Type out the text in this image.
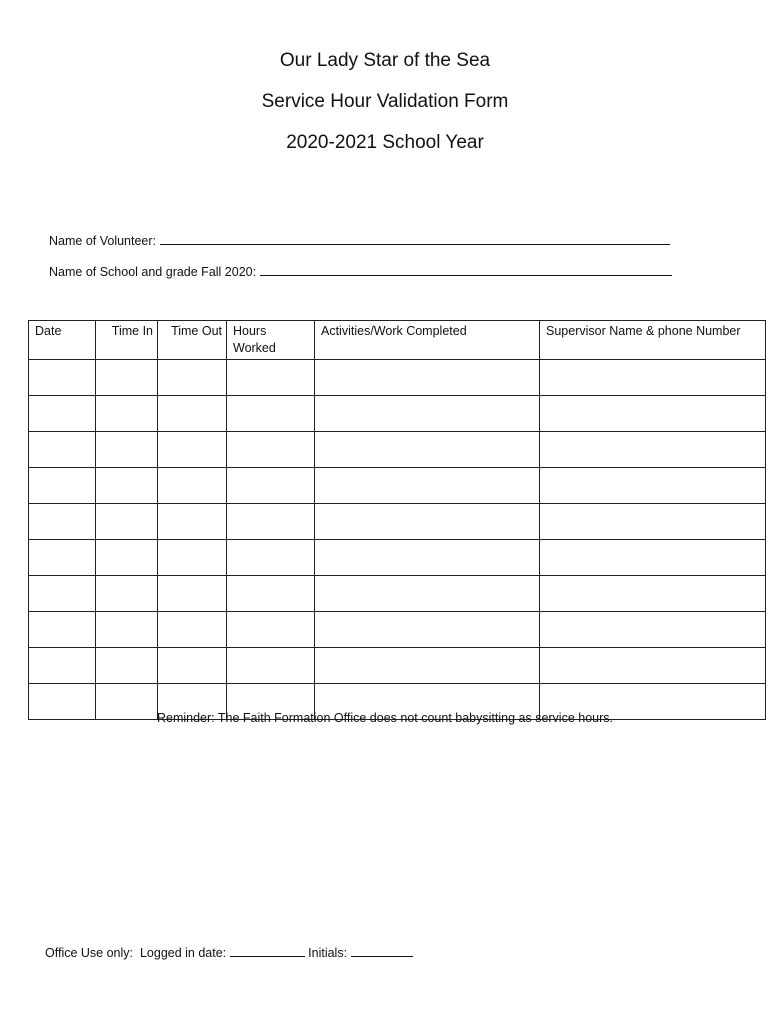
Our Lady Star of the Sea
Service Hour Validation Form
2020-2021 School Year
Name of Volunteer:
Name of School and grade Fall 2020:
Date	Time In	Time Out	Hours Worked	Activities/Work Completed	Supervisor Name & phone Number

Reminder: The Faith Formation Office does not count babysitting as service hours.
Office Use only: Logged in date:	Initials:
